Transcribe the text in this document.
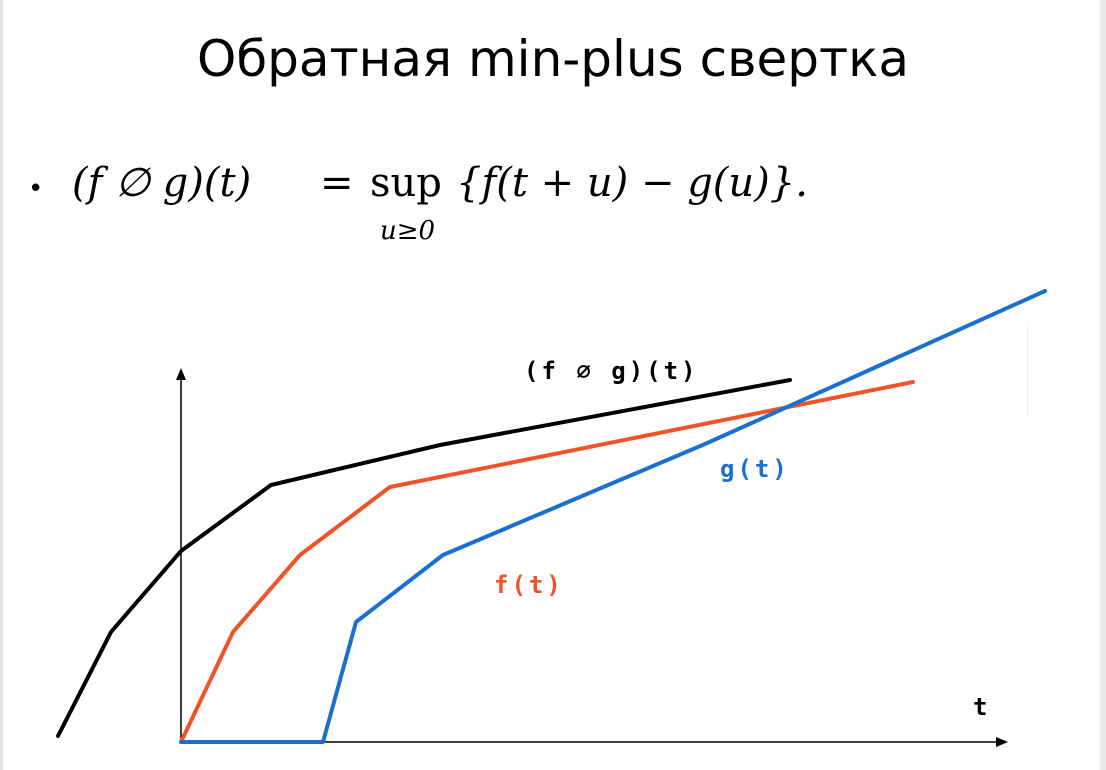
Обратная min-plus свертка
• (f ∅ g)(t) = sup {f(t + u) − g(u)}.
u≥0
(f ∅ g)(t)
g(t)
f(t)
t
